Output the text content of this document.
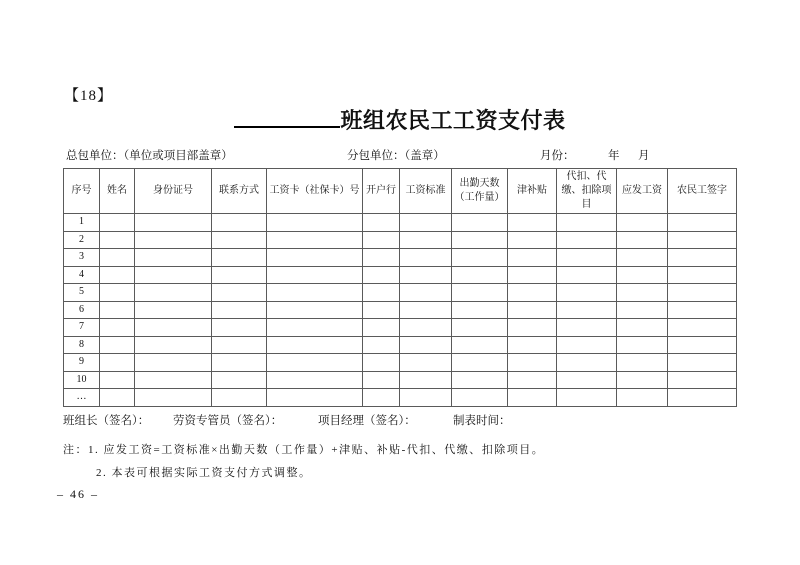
【18】
班组农民工工资支付表
总包单位：（单位或项目部盖章）	分包单位：（盖章）	月份：	年 月
序号	姓名	身份证号	联系方式	工资卡（社保卡）号	开户行	工资标准	出勤天数（工作量）	津补贴	代扣、代缴、扣除项目	应发工资	农民工签字
1											
2											
3											
4											
5											
6											
7											
8											
9											
10											
…											
班组长（签名）： 劳资专管员（签名）：	项目经理（签名）：	制表时间：
注：1. 应发工资=工资标准×出勤天数（工作量）+津贴、补贴-代扣、代缴、扣除项目。
2. 本表可根据实际工资支付方式调整。
– 46 –
